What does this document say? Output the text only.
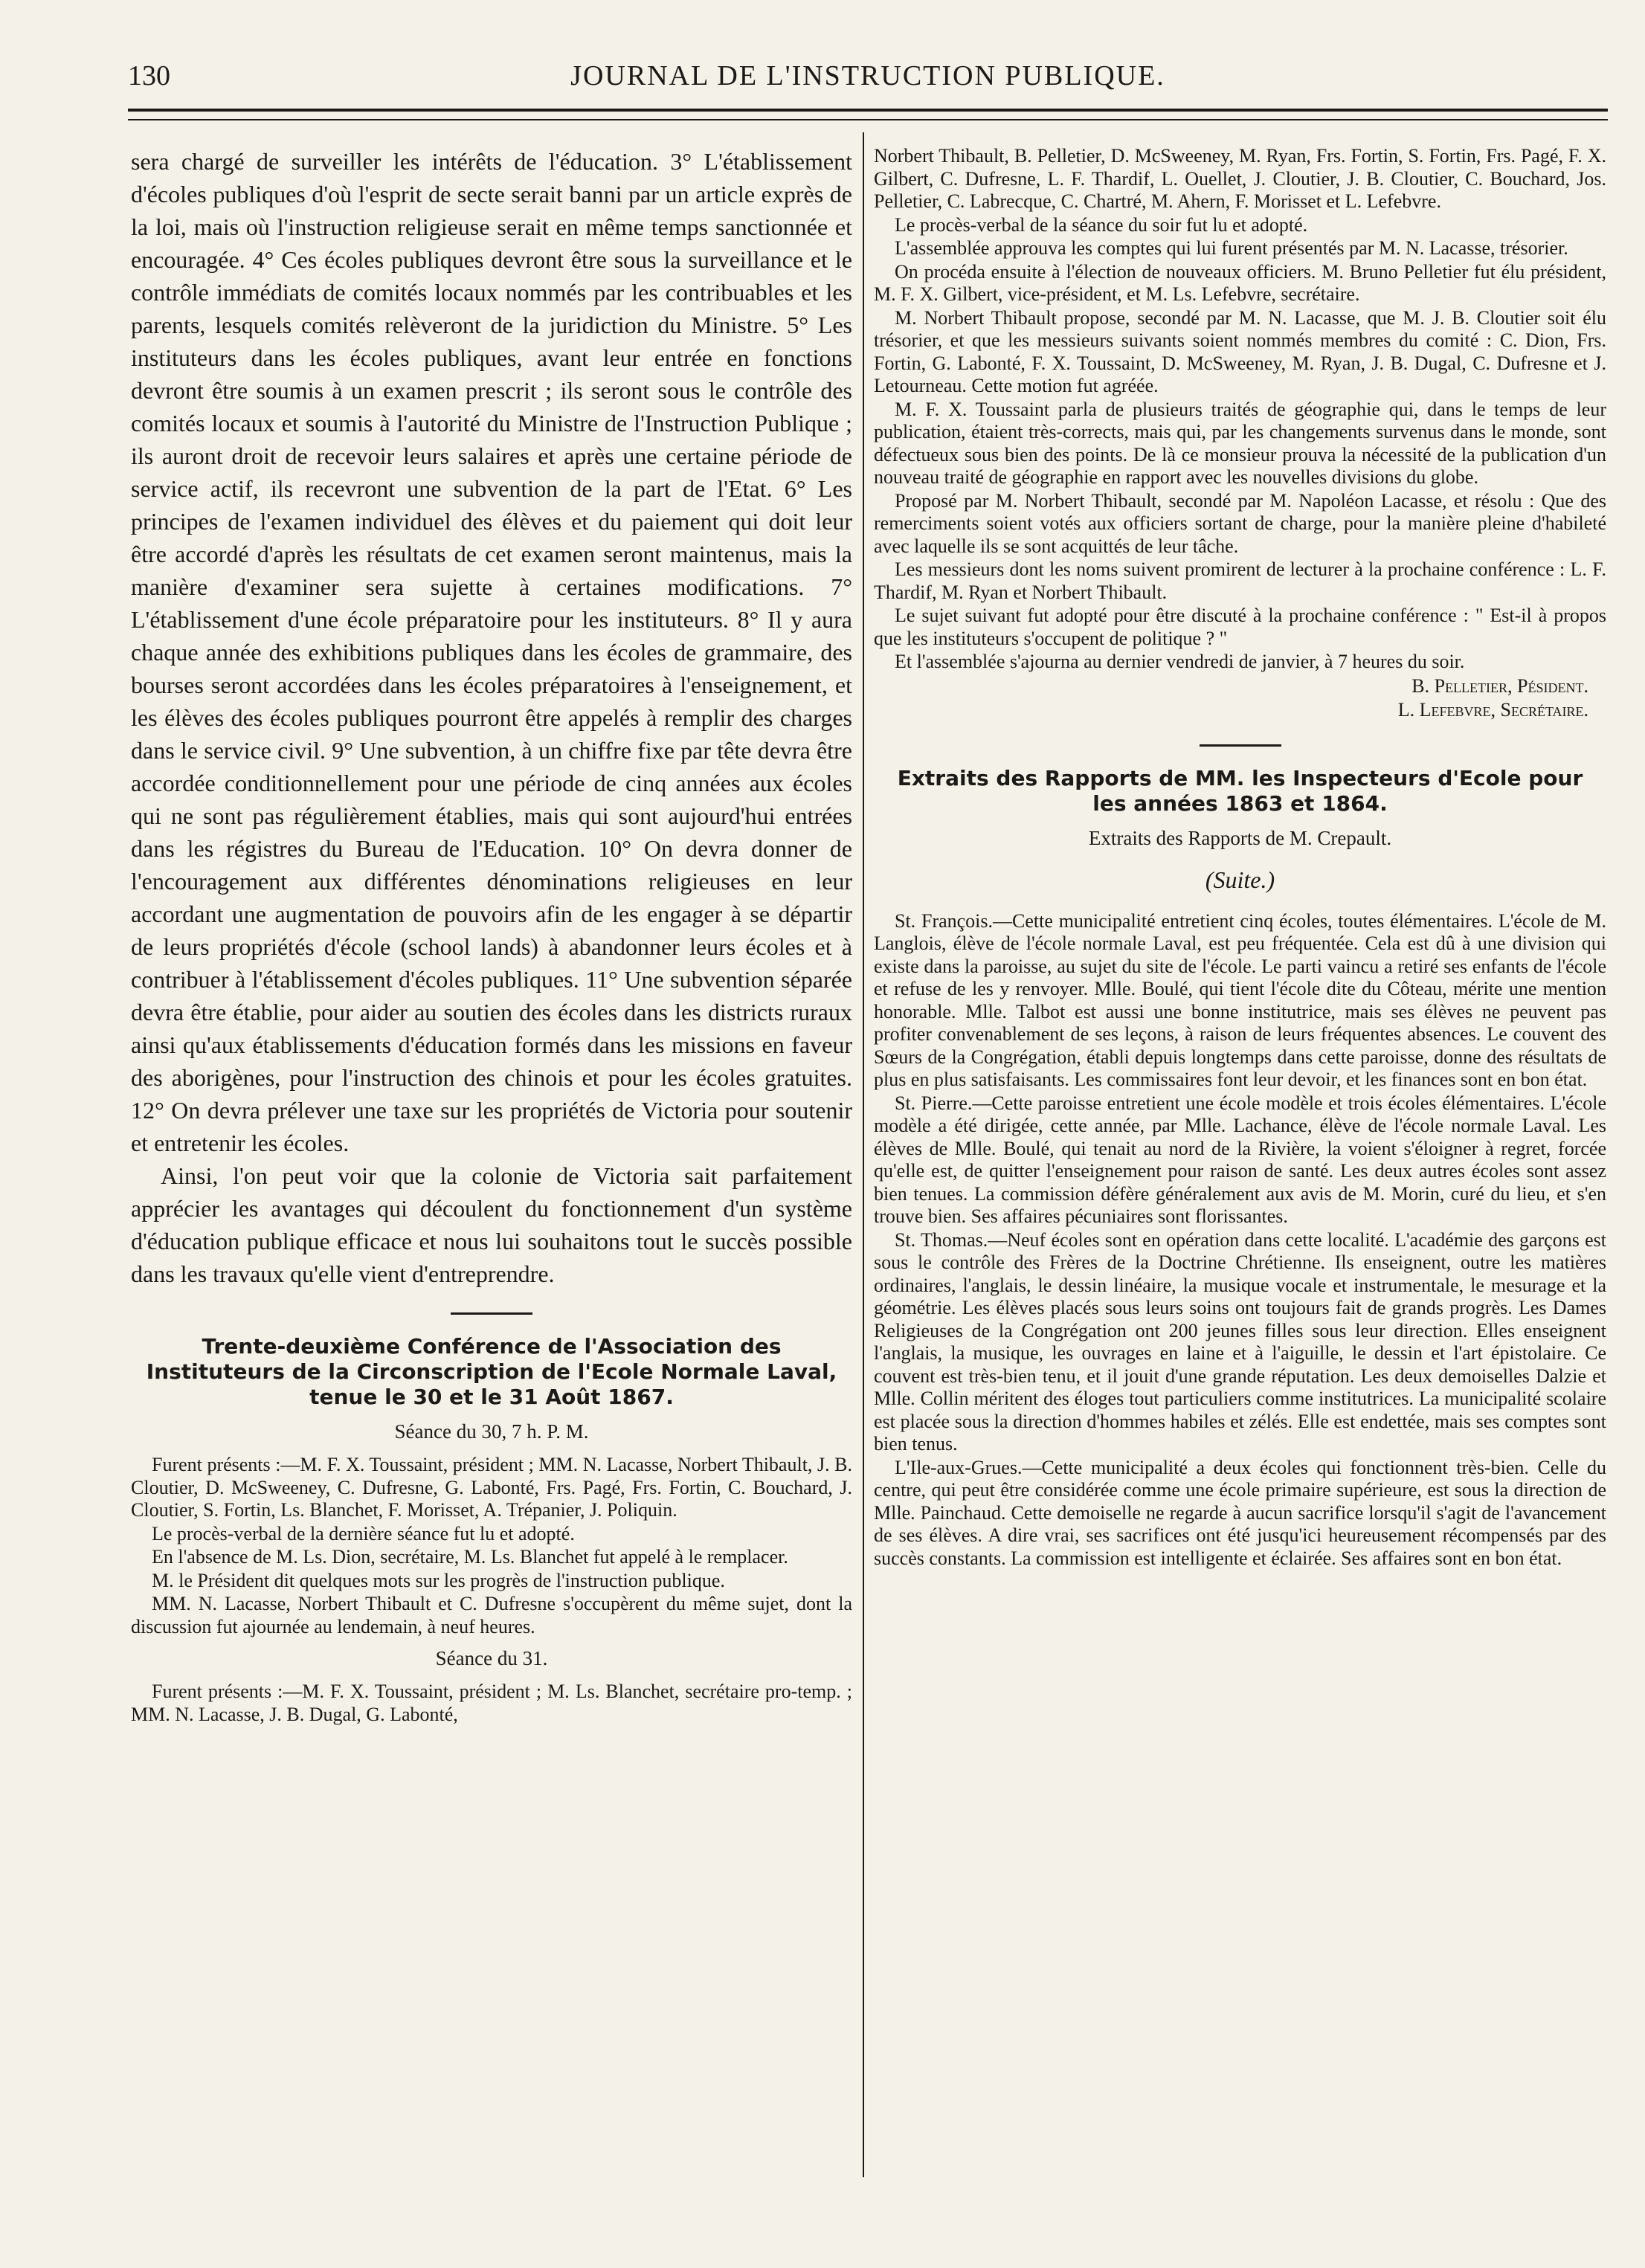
130	JOURNAL DE L'INSTRUCTION PUBLIQUE.

sera chargé de surveiller les intérêts de l'éducation. 3° L'établissement d'écoles publiques d'où l'esprit de secte serait banni par un article exprès de la loi, mais où l'instruction religieuse serait en même temps sanctionnée et encouragée. 4° Ces écoles publiques devront être sous la surveillance et le contrôle immédiats de comités locaux nommés par les contribuables et les parents, lesquels comités relèveront de la juridiction du Ministre. 5° Les instituteurs dans les écoles publiques, avant leur entrée en fonctions devront être soumis à un examen prescrit ; ils seront sous le contrôle des comités locaux et soumis à l'autorité du Ministre de l'Instruction Publique ; ils auront droit de recevoir leurs salaires et après une certaine période de service actif, ils recevront une subvention de la part de l'Etat. 6° Les principes de l'examen individuel des élèves et du paiement qui doit leur être accordé d'après les résultats de cet examen seront maintenus, mais la manière d'examiner sera sujette à certaines modifications. 7° L'établissement d'une école préparatoire pour les instituteurs. 8° Il y aura chaque année des exhibitions publiques dans les écoles de grammaire, des bourses seront accordées dans les écoles préparatoires à l'enseignement, et les élèves des écoles publiques pourront être appelés à remplir des charges dans le service civil. 9° Une subvention, à un chiffre fixe par tête devra être accordée conditionnellement pour une période de cinq années aux écoles qui ne sont pas régulièrement établies, mais qui sont aujourd'hui entrées dans les régistres du Bureau de l'Education. 10° On devra donner de l'encouragement aux différentes dénominations religieuses en leur accordant une augmentation de pouvoirs afin de les engager à se départir de leurs propriétés d'école (school lands) à abandonner leurs écoles et à contribuer à l'établissement d'écoles publiques. 11° Une subvention séparée devra être établie, pour aider au soutien des écoles dans les districts ruraux ainsi qu'aux établissements d'éducation formés dans les missions en faveur des aborigènes, pour l'instruction des chinois et pour les écoles gratuites. 12° On devra prélever une taxe sur les propriétés de Victoria pour soutenir et entretenir les écoles.

Ainsi, l'on peut voir que la colonie de Victoria sait parfaitement apprécier les avantages qui découlent du fonctionnement d'un système d'éducation publique efficace et nous lui souhaitons tout le succès possible dans les travaux qu'elle vient d'entreprendre.

Trente-deuxième Conférence de l'Association des Instituteurs de la Circonscription de l'Ecole Normale Laval, tenue le 30 et le 31 Août 1867.
Séance du 30, 7 h. P. M.

Furent présents :—M. F. X. Toussaint, président ; MM. N. Lacasse, Norbert Thibault, J. B. Cloutier, D. McSweeney, C. Dufresne, G. Labonté, Frs. Pagé, Frs. Fortin, C. Bouchard, J. Cloutier, S. Fortin, Ls. Blanchet, F. Morisset, A. Trépanier, J. Poliquin.

Le procès-verbal de la dernière séance fut lu et adopté.

En l'absence de M. Ls. Dion, secrétaire, M. Ls. Blanchet fut appelé à le remplacer.

M. le Président dit quelques mots sur les progrès de l'instruction publique.

MM. N. Lacasse, Norbert Thibault et C. Dufresne s'occupèrent du même sujet, dont la discussion fut ajournée au lendemain, à neuf heures.

Séance du 31.

Furent présents :—M. F. X. Toussaint, président ; M. Ls. Blanchet, secrétaire pro-temp. ; MM. N. Lacasse, J. B. Dugal, G. Labonté,

Norbert Thibault, B. Pelletier, D. McSweeney, M. Ryan, Frs. Fortin, S. Fortin, Frs. Pagé, F. X. Gilbert, C. Dufresne, L. F. Thardif, L. Ouellet, J. Cloutier, J. B. Cloutier, C. Bouchard, Jos. Pelletier, C. Labrecque, C. Chartré, M. Ahern, F. Morisset et L. Lefebvre.

Le procès-verbal de la séance du soir fut lu et adopté.

L'assemblée approuva les comptes qui lui furent présentés par M. N. Lacasse, trésorier.

On procéda ensuite à l'élection de nouveaux officiers. M. Bruno Pelletier fut élu président, M. F. X. Gilbert, vice-président, et M. Ls. Lefebvre, secrétaire.

M. Norbert Thibault propose, secondé par M. N. Lacasse, que M. J. B. Cloutier soit élu trésorier, et que les messieurs suivants soient nommés membres du comité : C. Dion, Frs. Fortin, G. Labonté, F. X. Toussaint, D. McSweeney, M. Ryan, J. B. Dugal, C. Dufresne et J. Letourneau. Cette motion fut agréée.

M. F. X. Toussaint parla de plusieurs traités de géographie qui, dans le temps de leur publication, étaient très-corrects, mais qui, par les changements survenus dans le monde, sont défectueux sous bien des points. De là ce monsieur prouva la nécessité de la publication d'un nouveau traité de géographie en rapport avec les nouvelles divisions du globe.

Proposé par M. Norbert Thibault, secondé par M. Napoléon Lacasse, et résolu : Que des remerciments soient votés aux officiers sortant de charge, pour la manière pleine d'habileté avec laquelle ils se sont acquittés de leur tâche.

Les messieurs dont les noms suivent promirent de lecturer à la prochaine conférence : L. F. Thardif, M. Ryan et Norbert Thibault.

Le sujet suivant fut adopté pour être discuté à la prochaine conférence : " Est-il à propos que les instituteurs s'occupent de politique ? "

Et l'assemblée s'ajourna au dernier vendredi de janvier, à 7 heures du soir.

B. Pelletier, Pésident.
L. Lefebvre, Secrétaire.
Extraits des Rapports de MM. les Inspecteurs d'Ecole pour les années 1863 et 1864.
Extraits des Rapports de M. Crepault.
(Suite.)

St. François.—Cette municipalité entretient cinq écoles, toutes élémentaires. L'école de M. Langlois, élève de l'école normale Laval, est peu fréquentée. Cela est dû à une division qui existe dans la paroisse, au sujet du site de l'école. Le parti vaincu a retiré ses enfants de l'école et refuse de les y renvoyer. Mlle. Boulé, qui tient l'école dite du Côteau, mérite une mention honorable. Mlle. Talbot est aussi une bonne institutrice, mais ses élèves ne peuvent pas profiter convenablement de ses leçons, à raison de leurs fréquentes absences. Le couvent des Sœurs de la Congrégation, établi depuis longtemps dans cette paroisse, donne des résultats de plus en plus satisfaisants. Les commissaires font leur devoir, et les finances sont en bon état.

St. Pierre.—Cette paroisse entretient une école modèle et trois écoles élémentaires. L'école modèle a été dirigée, cette année, par Mlle. Lachance, élève de l'école normale Laval. Les élèves de Mlle. Boulé, qui tenait au nord de la Rivière, la voient s'éloigner à regret, forcée qu'elle est, de quitter l'enseignement pour raison de santé. Les deux autres écoles sont assez bien tenues. La commission défère généralement aux avis de M. Morin, curé du lieu, et s'en trouve bien. Ses affaires pécuniaires sont florissantes.

St. Thomas.—Neuf écoles sont en opération dans cette localité. L'académie des garçons est sous le contrôle des Frères de la Doctrine Chrétienne. Ils enseignent, outre les matières ordinaires, l'anglais, le dessin linéaire, la musique vocale et instrumentale, le mesurage et la géométrie. Les élèves placés sous leurs soins ont toujours fait de grands progrès. Les Dames Religieuses de la Congrégation ont 200 jeunes filles sous leur direction. Elles enseignent l'anglais, la musique, les ouvrages en laine et à l'aiguille, le dessin et l'art épistolaire. Ce couvent est très-bien tenu, et il jouit d'une grande réputation. Les deux demoiselles Dalzie et Mlle. Collin méritent des éloges tout particuliers comme institutrices. La municipalité scolaire est placée sous la direction d'hommes habiles et zélés. Elle est endettée, mais ses comptes sont bien tenus.

L'Ile-aux-Grues.—Cette municipalité a deux écoles qui fonctionnent très-bien. Celle du centre, qui peut être considérée comme une école primaire supérieure, est sous la direction de Mlle. Painchaud. Cette demoiselle ne regarde à aucun sacrifice lorsqu'il s'agit de l'avancement de ses élèves. A dire vrai, ses sacrifices ont été jusqu'ici heureusement récompensés par des succès constants. La commission est intelligente et éclairée. Ses affaires sont en bon état.
